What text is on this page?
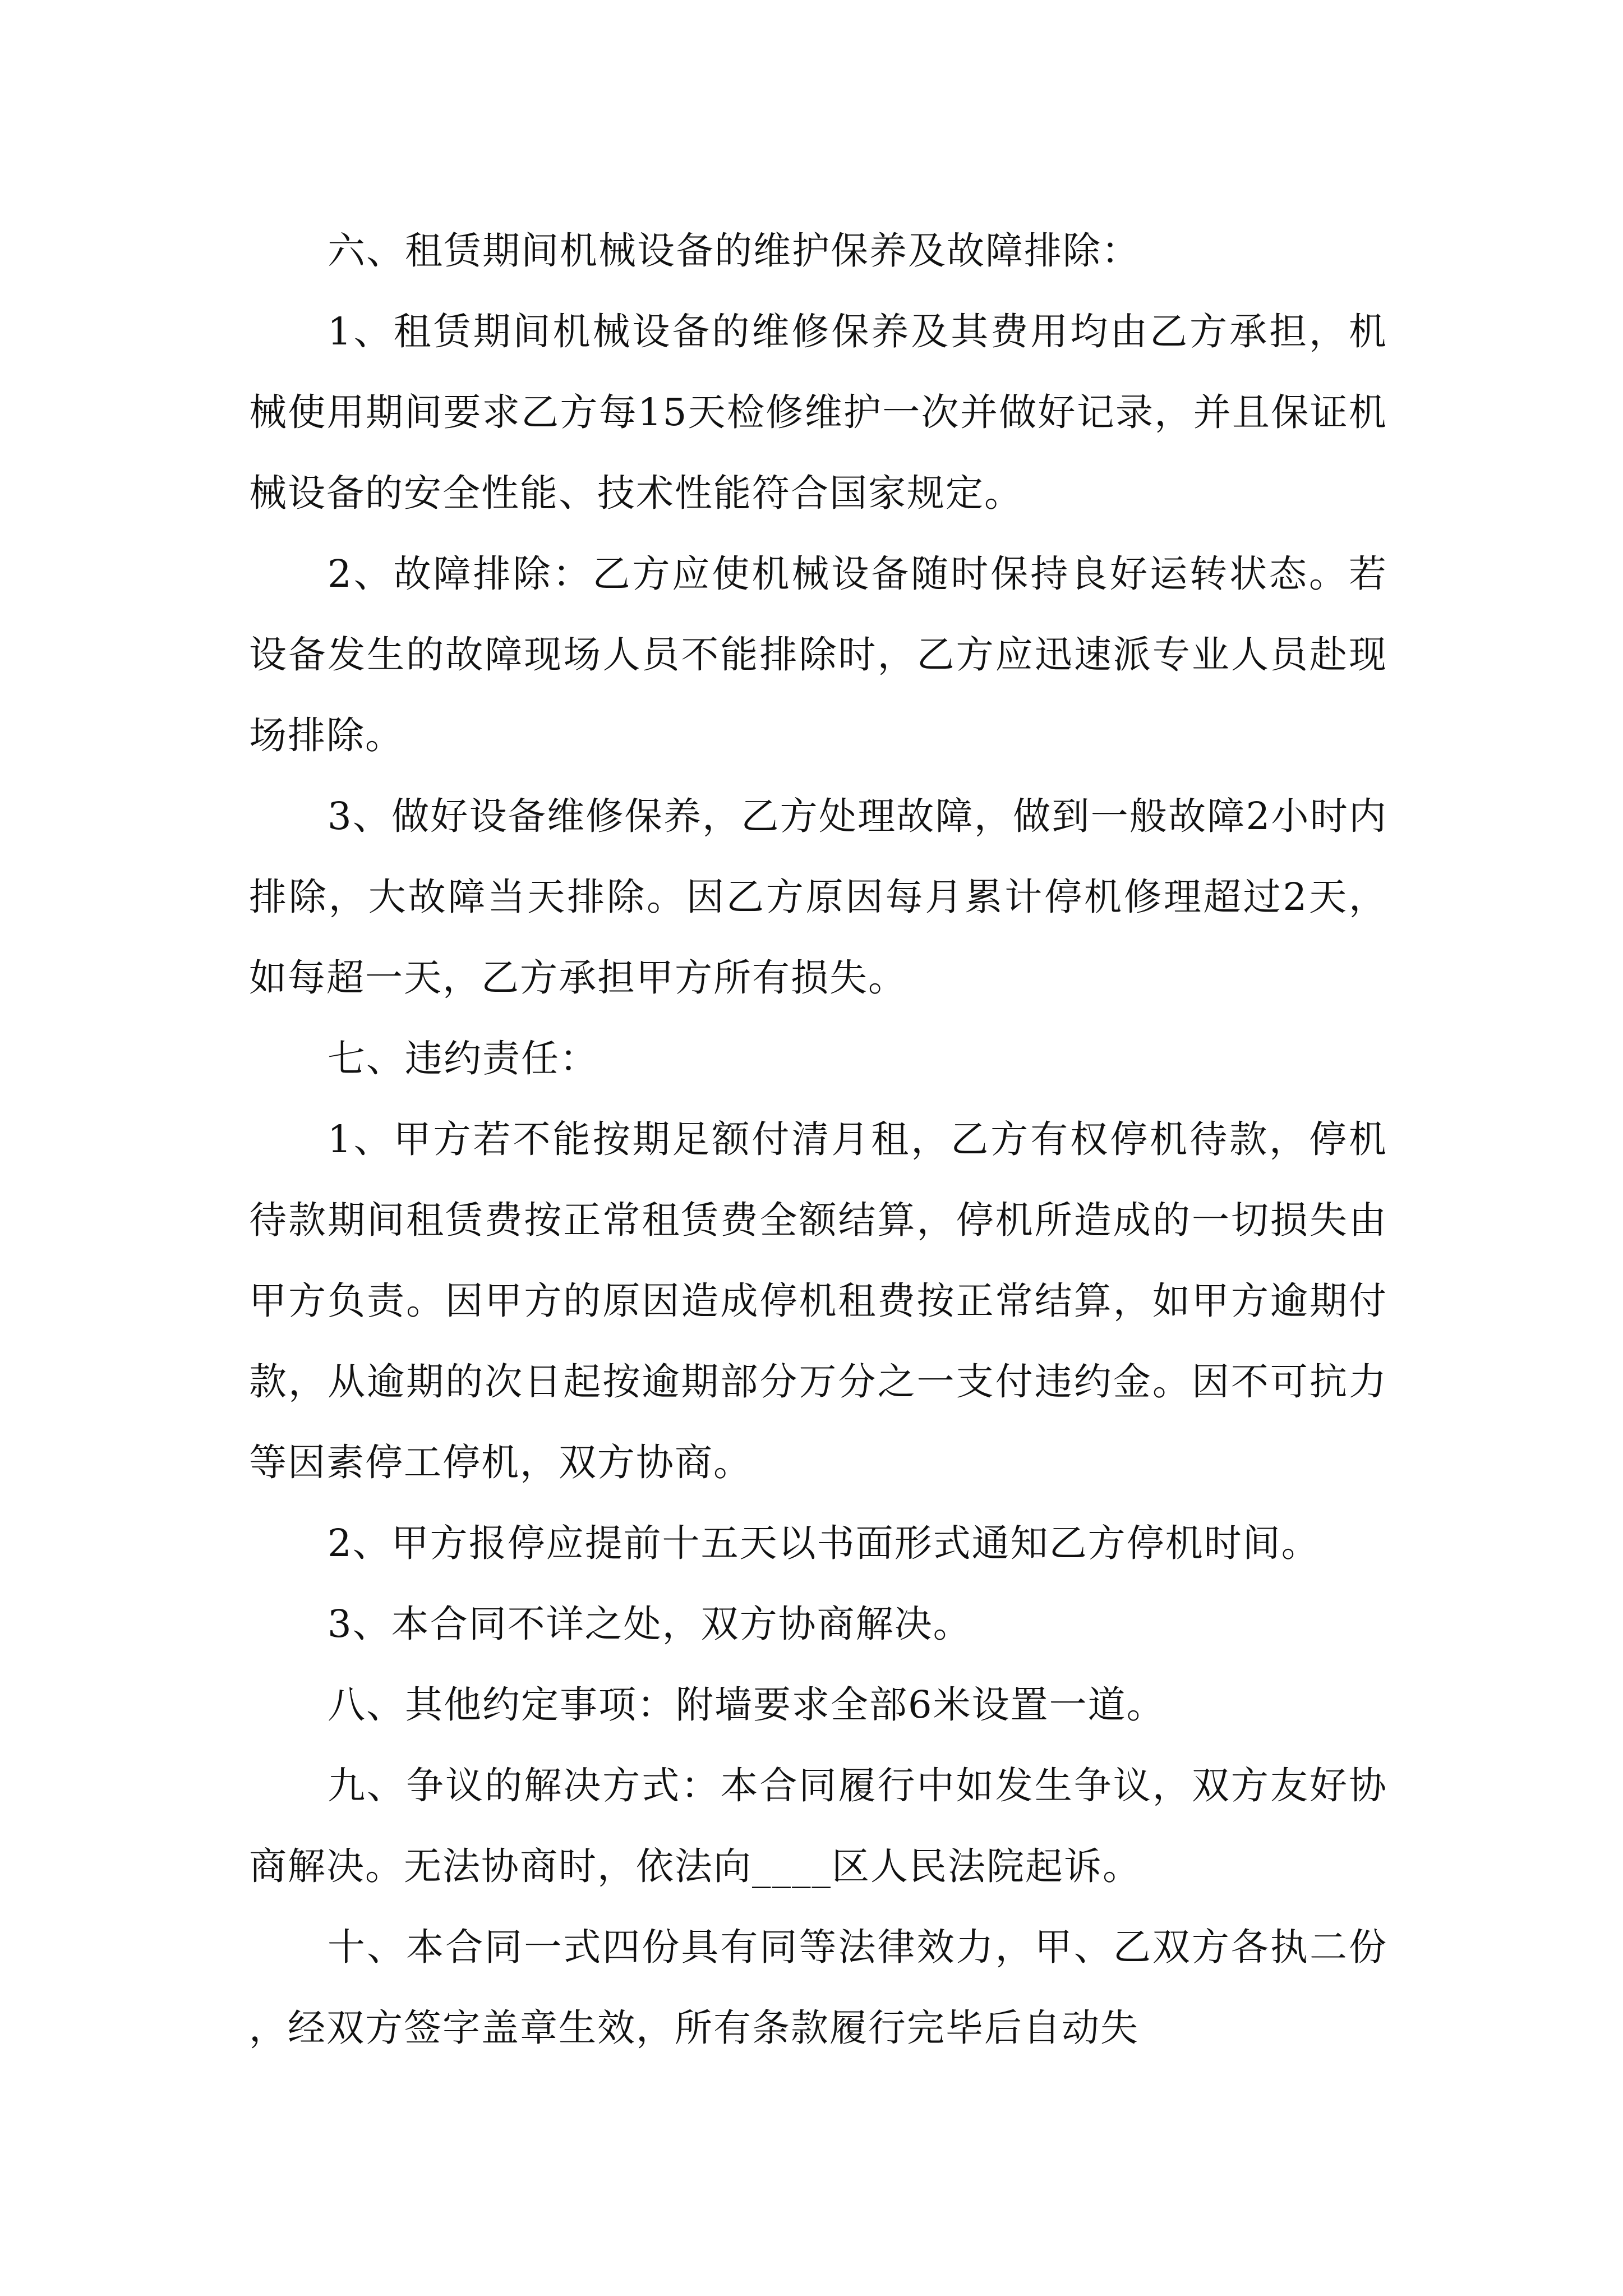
六、租赁期间机械设备的维护保养及故障排除：

1、租赁期间机械设备的维修保养及其费用均由乙方承担，机械使用期间要求乙方每15天检修维护一次并做好记录，并且保证机械设备的安全性能、技术性能符合国家规定。

2、故障排除：乙方应使机械设备随时保持良好运转状态。若设备发生的故障现场人员不能排除时，乙方应迅速派专业人员赴现场排除。

3、做好设备维修保养，乙方处理故障，做到一般故障2小时内排除，大故障当天排除。因乙方原因每月累计停机修理超过2天，如每超一天，乙方承担甲方所有损失。

七、违约责任：

1、甲方若不能按期足额付清月租，乙方有权停机待款，停机待款期间租赁费按正常租赁费全额结算，停机所造成的一切损失由甲方负责。因甲方的原因造成停机租费按正常结算，如甲方逾期付款，从逾期的次日起按逾期部分万分之一支付违约金。因不可抗力等因素停工停机，双方协商。

2、甲方报停应提前十五天以书面形式通知乙方停机时间。

3、本合同不详之处，双方协商解决。

八、其他约定事项：附墙要求全部6米设置一道。

九、争议的解决方式：本合同履行中如发生争议，双方友好协商解决。无法协商时，依法向____区人民法院起诉。

十、本合同一式四份具有同等法律效力，甲、乙双方各执二份，经双方签字盖章生效，所有条款履行完毕后自动失
